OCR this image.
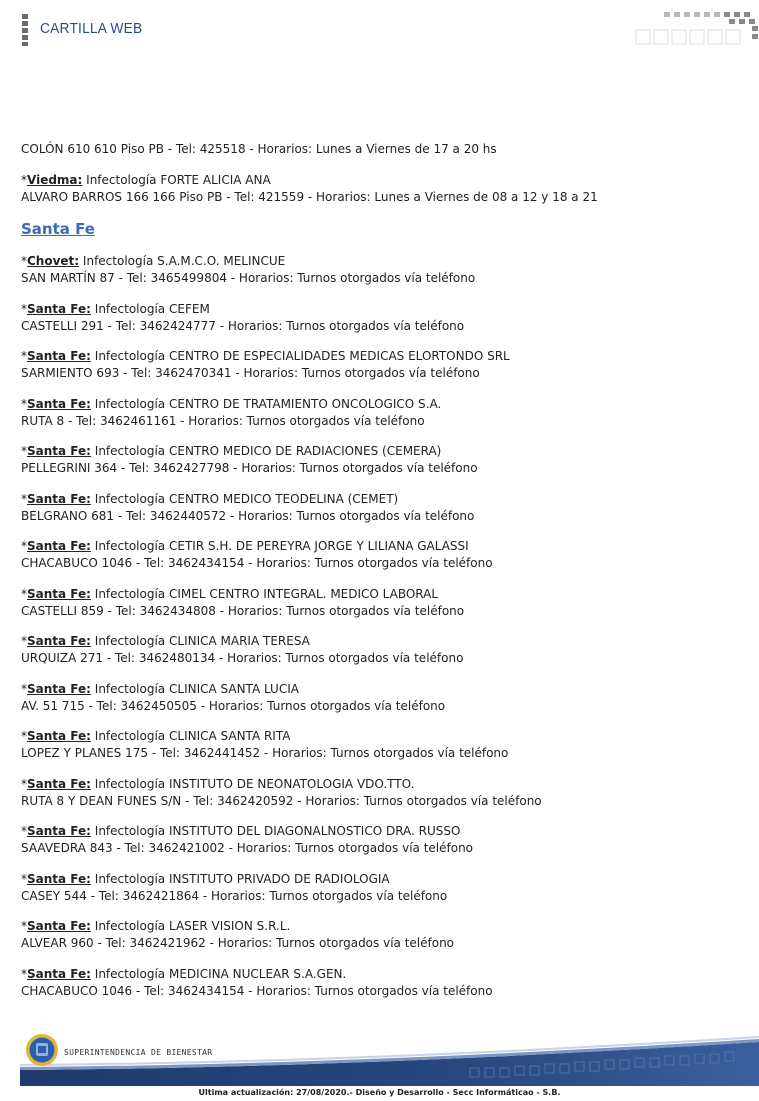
CARTILLA WEB
COLÓN 610 610 Piso PB - Tel: 425518 - Horarios: Lunes a Viernes de 17 a 20 hs
*Viedma: Infectología FORTE ALICIA ANA
ALVARO BARROS 166 166 Piso PB - Tel: 421559 - Horarios: Lunes a Viernes de 08 a 12 y 18 a 21
Santa Fe
*Chovet: Infectología S.A.M.C.O. MELINCUE
SAN MARTÍN 87 - Tel: 3465499804 - Horarios: Turnos otorgados vía teléfono
*Santa Fe: Infectología CEFEM
CASTELLI 291 - Tel: 3462424777 - Horarios: Turnos otorgados vía teléfono
*Santa Fe: Infectología CENTRO DE ESPECIALIDADES MEDICAS ELORTONDO SRL
SARMIENTO 693 - Tel: 3462470341 - Horarios: Turnos otorgados vía teléfono
*Santa Fe: Infectología CENTRO DE TRATAMIENTO ONCOLOGICO S.A.
RUTA 8 - Tel: 3462461161 - Horarios: Turnos otorgados vía teléfono
*Santa Fe: Infectología CENTRO MEDICO DE RADIACIONES (CEMERA)
PELLEGRINI 364 - Tel: 3462427798 - Horarios: Turnos otorgados vía teléfono
*Santa Fe: Infectología CENTRO MEDICO TEODELINA (CEMET)
BELGRANO 681 - Tel: 3462440572 - Horarios: Turnos otorgados vía teléfono
*Santa Fe: Infectología CETIR S.H. DE PEREYRA JORGE Y LILIANA GALASSI
CHACABUCO 1046 - Tel: 3462434154 - Horarios: Turnos otorgados vía teléfono
*Santa Fe: Infectología CIMEL CENTRO INTEGRAL. MEDICO LABORAL
CASTELLI 859 - Tel: 3462434808 - Horarios: Turnos otorgados vía teléfono
*Santa Fe: Infectología CLINICA MARIA TERESA
URQUIZA 271 - Tel: 3462480134 - Horarios: Turnos otorgados vía teléfono
*Santa Fe: Infectología CLINICA SANTA LUCIA
AV. 51 715 - Tel: 3462450505 - Horarios: Turnos otorgados vía teléfono
*Santa Fe: Infectología CLINICA SANTA RITA
LOPEZ Y PLANES 175 - Tel: 3462441452 - Horarios: Turnos otorgados vía teléfono
*Santa Fe: Infectología INSTITUTO DE NEONATOLOGIA VDO.TTO.
RUTA 8 Y DEAN FUNES S/N - Tel: 3462420592 - Horarios: Turnos otorgados vía teléfono
*Santa Fe: Infectología INSTITUTO DEL DIAGONALNOSTICO DRA. RUSSO
SAAVEDRA 843 - Tel: 3462421002 - Horarios: Turnos otorgados vía teléfono
*Santa Fe: Infectología INSTITUTO PRIVADO DE RADIOLOGIA
CASEY 544 - Tel: 3462421864 - Horarios: Turnos otorgados vía teléfono
*Santa Fe: Infectología LASER VISION S.R.L.
ALVEAR 960 - Tel: 3462421962 - Horarios: Turnos otorgados vía teléfono
*Santa Fe: Infectología MEDICINA NUCLEAR S.A.GEN.
CHACABUCO 1046 - Tel: 3462434154 - Horarios: Turnos otorgados vía teléfono
SUPERINTENDENCIA DE BIENESTAR
Ultima actualización: 27/08/2020.- Diseño y Desarrollo - Secc Informáticao - S.B.
